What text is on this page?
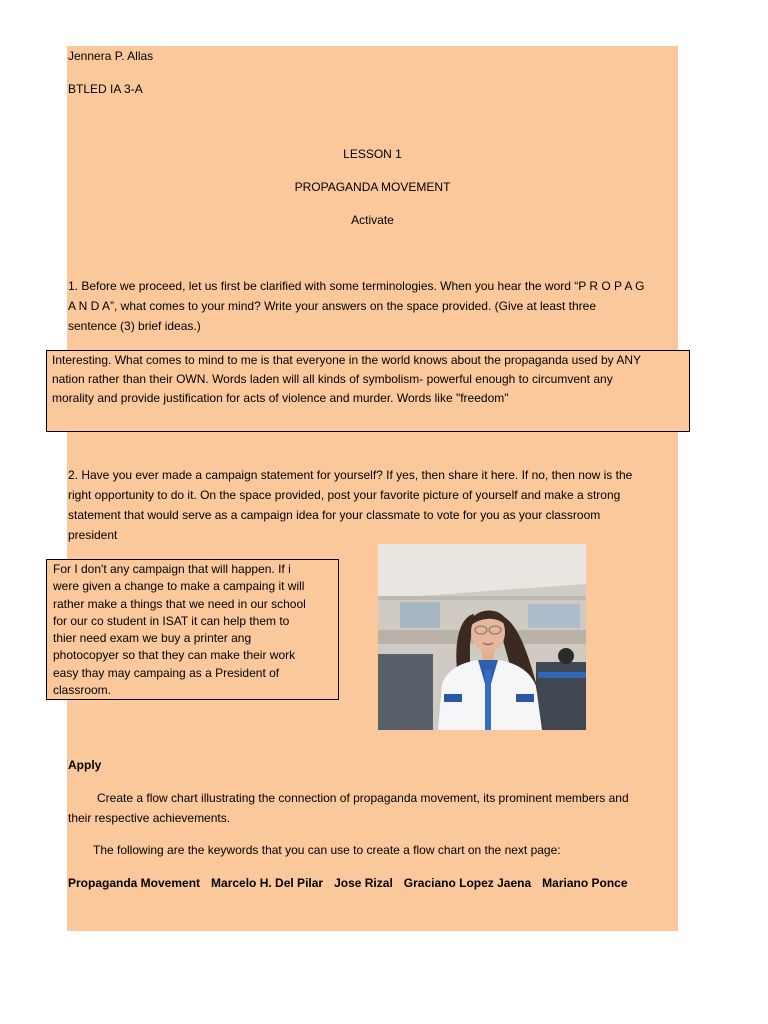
Jennera P. Allas
BTLED IA 3-A
LESSON 1
PROPAGANDA MOVEMENT
Activate
1. Before we proceed, let us first be clarified with some terminologies. When you hear the word “P R O P A G
A N D A”, what comes to your mind? Write your answers on the space provided. (Give at least three
sentence (3) brief ideas.)
Interesting. What comes to mind to me is that everyone in the world knows about the propaganda used by ANY
nation rather than their OWN. Words laden will all kinds of symbolism- powerful enough to circumvent any
morality and provide justification for acts of violence and murder. Words like "freedom"
2. Have you ever made a campaign statement for yourself? If yes, then share it here. If no, then now is the
right opportunity to do it. On the space provided, post your favorite picture of yourself and make a strong
statement that would serve as a campaign idea for your classmate to vote for you as your classroom
president
For I don't any campaign that will happen. If i
were given a change to make a campaing it will
rather make a things that we need in our school
for our co student in ISAT it can help them to
thier need exam we buy a printer ang
photocopyer so that they can make their work
easy thay may campaing as a President of
classroom.
Apply
Create a flow chart illustrating the connection of propaganda movement, its prominent members and
their respective achievements.
The following are the keywords that you can use to create a flow chart on the next page:
Propaganda Movement Marcelo H. Del Pilar Jose Rizal Graciano Lopez Jaena Mariano Ponce
